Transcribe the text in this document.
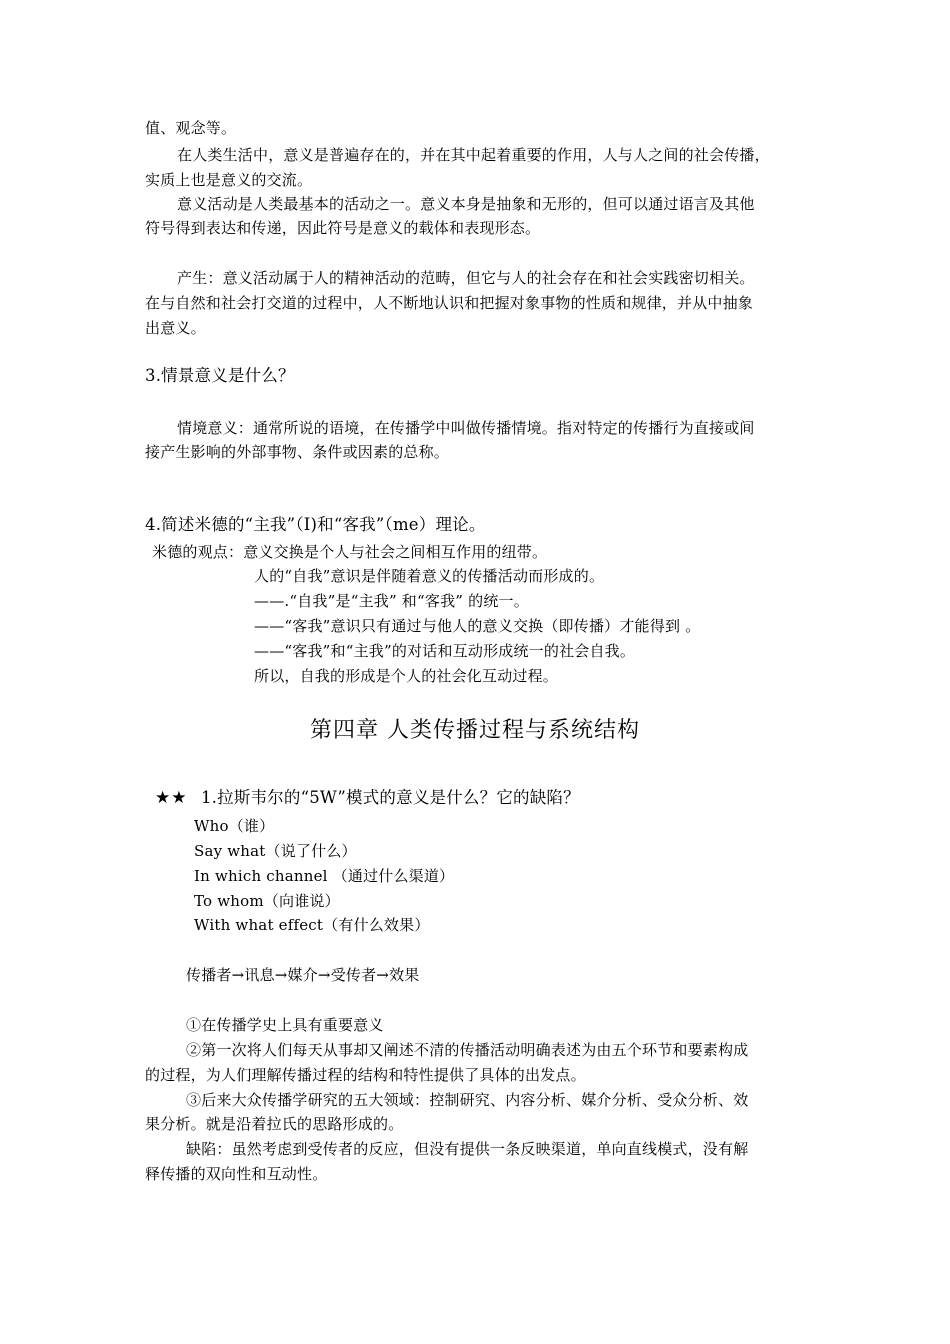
值、观念等。
在人类生活中，意义是普遍存在的，并在其中起着重要的作用，人与人之间的社会传播，
实质上也是意义的交流。
意义活动是人类最基本的活动之一。意义本身是抽象和无形的，但可以通过语言及其他
符号得到表达和传递，因此符号是意义的载体和表现形态。
产生：意义活动属于人的精神活动的范畴，但它与人的社会存在和社会实践密切相关。
在与自然和社会打交道的过程中，人不断地认识和把握对象事物的性质和规律，并从中抽象
出意义。
3.情景意义是什么？
情境意义：通常所说的语境，在传播学中叫做传播情境。指对特定的传播行为直接或间
接产生影响的外部事物、条件或因素的总称。
4.简述米德的“主我”（I)和“客我”（me）理论。
米德的观点：意义交换是个人与社会之间相互作用的纽带。
人的“自我”意识是伴随着意义的传播活动而形成的。
——.“自我”是“主我” 和“客我” 的统一。
——“客我”意识只有通过与他人的意义交换（即传播）才能得到 。
——“客我”和“主我”的对话和互动形成统一的社会自我。
所以，自我的形成是个人的社会化互动过程。
第四章 人类传播过程与系统结构
★★ 1.拉斯韦尔的“5W”模式的意义是什么？它的缺陷？
Who（谁）
Say what（说了什么）
In which channel （通过什么渠道）
To whom（向谁说）
With what effect（有什么效果）
传播者→讯息→媒介→受传者→效果
①在传播学史上具有重要意义
②第一次将人们每天从事却又阐述不清的传播活动明确表述为由五个环节和要素构成
的过程，为人们理解传播过程的结构和特性提供了具体的出发点。
③后来大众传播学研究的五大领域：控制研究、内容分析、媒介分析、受众分析、效
果分析。就是沿着拉氏的思路形成的。
缺陷：虽然考虑到受传者的反应，但没有提供一条反映渠道，单向直线模式，没有解
释传播的双向性和互动性。
